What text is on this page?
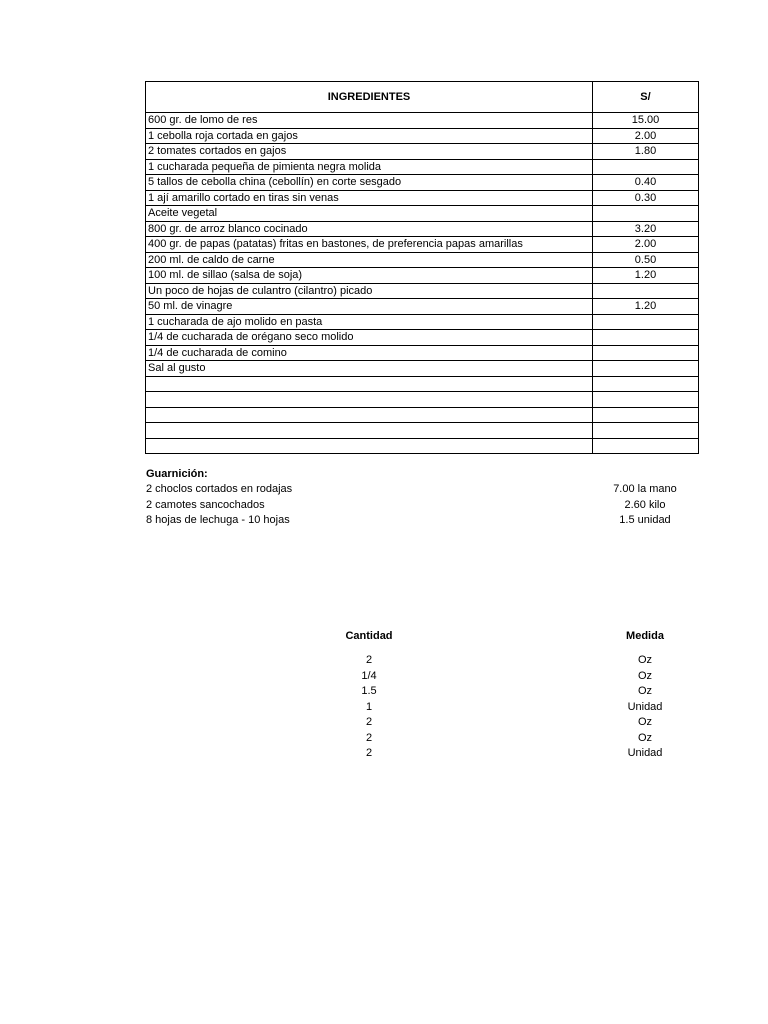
INGREDIENTES	S/
600 gr. de lomo de res	15.00
1 cebolla roja cortada en gajos	2.00
2 tomates cortados en gajos	1.80
1 cucharada pequeña de pimienta negra molida	
5 tallos de cebolla china (cebollín) en corte sesgado	0.40
1 ají amarillo cortado en tiras sin venas	0.30
Aceite vegetal	
800 gr. de arroz blanco cocinado	3.20
400 gr. de papas (patatas) fritas en bastones, de preferencia papas amarillas	2.00
200 ml. de caldo de carne	0.50
100 ml. de sillao (salsa de soja)	1.20
Un poco de hojas de culantro (cilantro) picado	
50 ml. de vinagre	1.20
1 cucharada de ajo molido en pasta	
1/4 de cucharada de orégano seco molido	
1/4 de cucharada de comino	
Sal al gusto	

Guarnición:
2 choclos cortados en rodajas	7.00 la mano
2 camotes sancochados	2.60 kilo
8 hojas de lechuga - 10 hojas	1.5 unidad
Cantidad	Medida
2	Oz
1/4	Oz
1.5	Oz
1	Unidad
2	Oz
2	Oz
2	Unidad
